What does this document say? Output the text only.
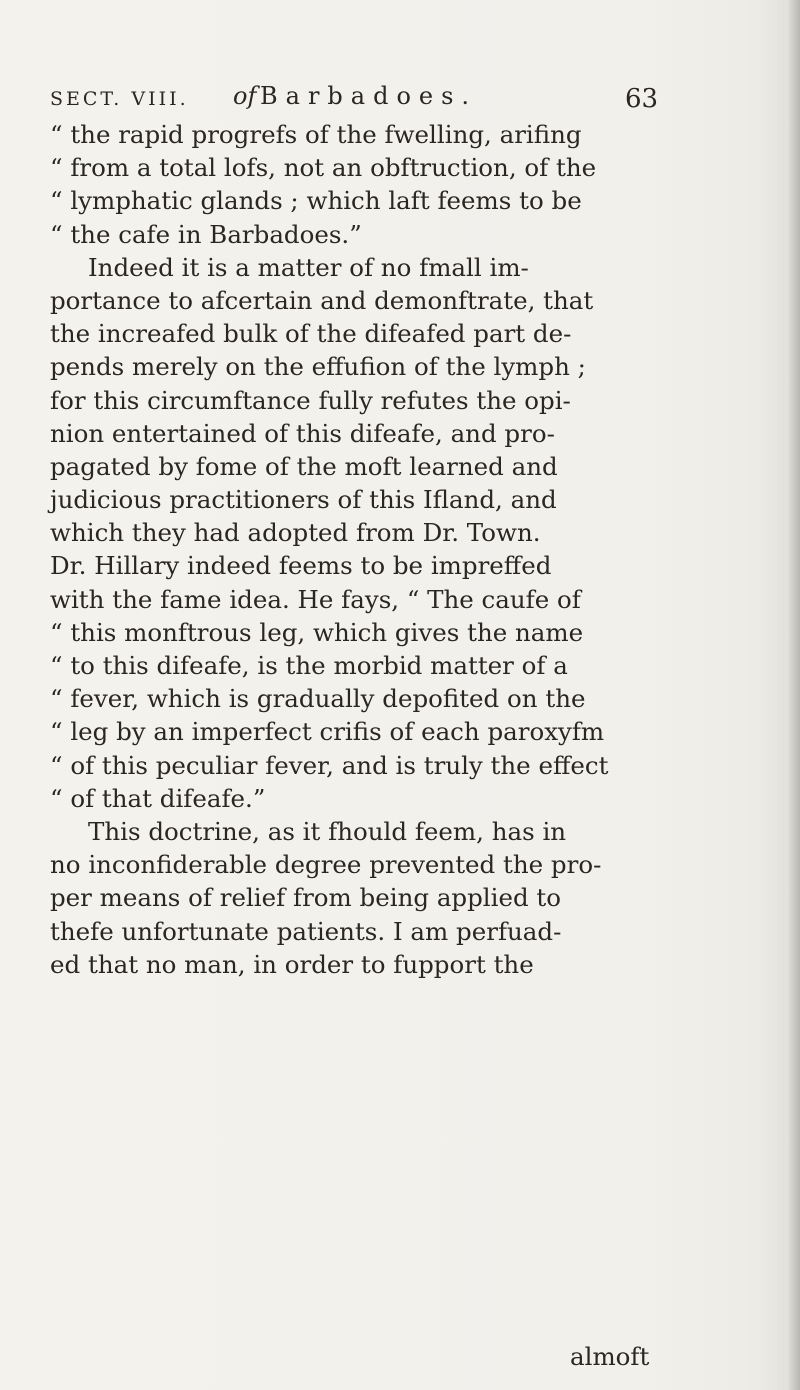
SECT. VIII. of Barbadoes.	63
“ the rapid progrefs of the fwelling, arifing
“ from a total lofs, not an obftruction, of the
“ lymphatic glands ; which laft feems to be
“ the cafe in Barbadoes.”
Indeed it is a matter of no fmall im-
portance to afcertain and demonftrate, that
the increafed bulk of the difeafed part de-
pends merely on the effufion of the lymph ;
for this circumftance fully refutes the opi-
nion entertained of this difeafe, and pro-
pagated by fome of the moft learned and
judicious practitioners of this Ifland, and
which they had adopted from Dr. Town.
Dr. Hillary indeed feems to be impreffed
with the fame idea. He fays, “ The caufe of
“ this monftrous leg, which gives the name
“ to this difeafe, is the morbid matter of a
“ fever, which is gradually depofited on the
“ leg by an imperfect crifis of each paroxyfm
“ of this peculiar fever, and is truly the effect
“ of that difeafe.”
This doctrine, as it fhould feem, has in
no inconfiderable degree prevented the pro-
per means of relief from being applied to
thefe unfortunate patients. I am perfuad-
ed that no man, in order to fupport the
almoft
